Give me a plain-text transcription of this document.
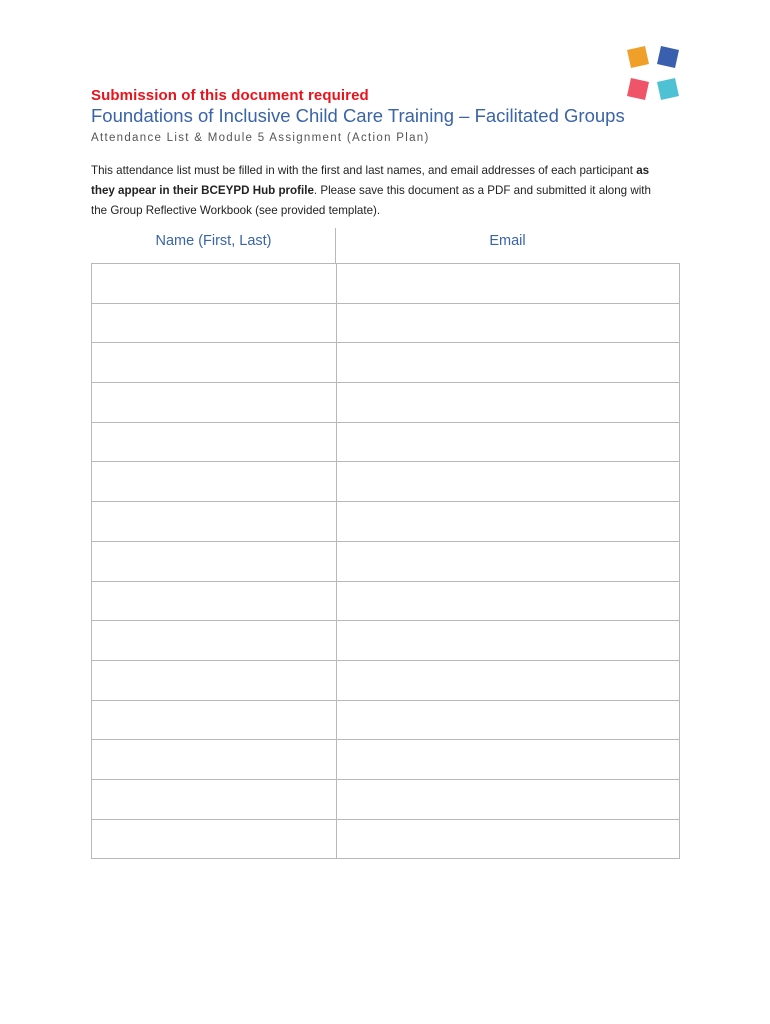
Submission of this document required
Foundations of Inclusive Child Care Training – Facilitated Groups
Attendance List & Module 5 Assignment (Action Plan)
This attendance list must be filled in with the first and last names, and email addresses of each participant as they appear in their BCEYPD Hub profile. Please save this document as a PDF and submitted it along with the Group Reflective Workbook (see provided template).
Name (First, Last)	Email
